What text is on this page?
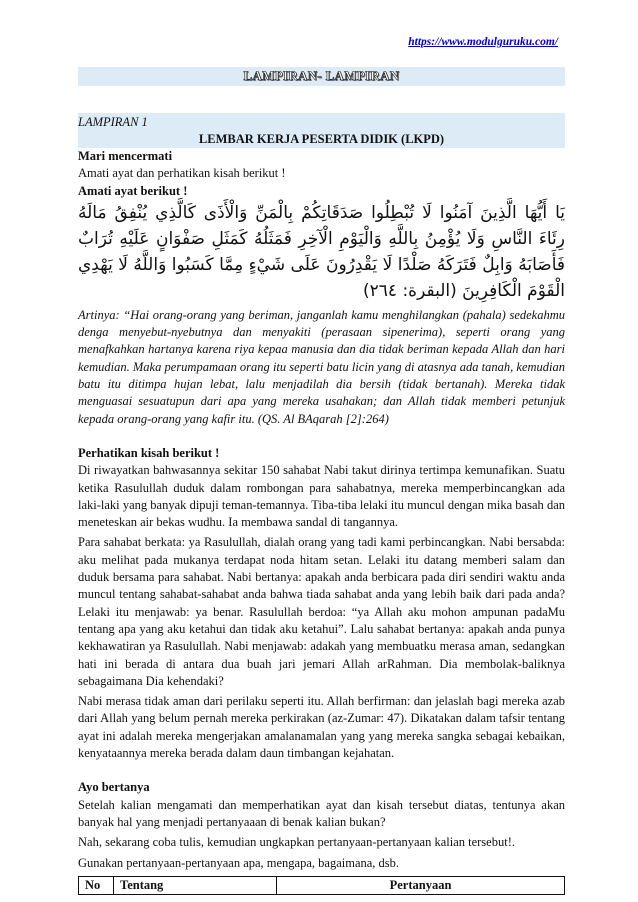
https://www.modulguruku.com/
LAMPIRAN- LAMPIRAN
LAMPIRAN 1
LEMBAR KERJA PESERTA DIDIK (LKPD)

Mari mencermati

Amati ayat dan perhatikan kisah berikut !

Amati ayat berikut !

يَا أَيُّهَا الَّذِينَ آمَنُوا لَا تُبْطِلُوا صَدَقَاتِكُمْ بِالْمَنِّ وَالْأَذَى كَالَّذِي يُنْفِقُ مَالَهُ رِئَاءَ النَّاسِ وَلَا يُؤْمِنُ بِاللَّهِ وَالْيَوْمِ الْآخِرِ فَمَثَلُهُ كَمَثَلِ صَفْوَانٍ عَلَيْهِ تُرَابٌ فَأَصَابَهُ وَابِلٌ فَتَرَكَهُ صَلْدًا لَا يَقْدِرُونَ عَلَى شَيْءٍ مِمَّا كَسَبُوا وَاللَّهُ لَا يَهْدِي الْقَوْمَ الْكَافِرِينَ (البقرة: ٢٦٤)

Artinya: “Hai orang-orang yang beriman, janganlah kamu menghilangkan (pahala) sedekahmu denga menyebut-nyebutnya dan menyakiti (perasaan sipenerima), seperti orang yang menafkahkan hartanya karena riya kepaa manusia dan dia tidak beriman kepada Allah dan hari kemudian. Maka perumpamaan orang itu seperti batu licin yang di atasnya ada tanah, kemudian batu itu ditimpa hujan lebat, lalu menjadilah dia bersih (tidak bertanah). Mereka tidak menguasai sesuatupun dari apa yang mereka usahakan; dan Allah tidak memberi petunjuk kepada orang-orang yang kafir itu. (QS. Al BAqarah [2]:264)

Perhatikan kisah berikut !

Di riwayatkan bahwasannya sekitar 150 sahabat Nabi takut dirinya tertimpa kemunafikan. Suatu ketika Rasulullah duduk dalam rombongan para sahabatnya, mereka memperbincangkan ada laki-laki yang banyak dipuji teman-temannya. Tiba-tiba lelaki itu muncul dengan mika basah dan meneteskan air bekas wudhu. Ia membawa sandal di tangannya.

Para sahabat berkata: ya Rasulullah, dialah orang yang tadi kami perbincangkan. Nabi bersabda: aku melihat pada mukanya terdapat noda hitam setan. Lelaki itu datang memberi salam dan duduk bersama para sahabat. Nabi bertanya: apakah anda berbicara pada diri sendiri waktu anda muncul tentang sahabat-sahabat anda bahwa tiada sahabat anda yang lebih baik dari pada anda? Lelaki itu menjawab: ya benar. Rasulullah berdoa: “ya Allah aku mohon ampunan padaMu tentang apa yang aku ketahui dan tidak aku ketahui”. Lalu sahabat bertanya: apakah anda punya kekhawatiran ya Rasulullah. Nabi menjawab: adakah yang membuatku merasa aman, sedangkan hati ini berada di antara dua buah jari jemari Allah arRahman. Dia membolak-baliknya sebagaimana Dia kehendaki?

Nabi merasa tidak aman dari perilaku seperti itu. Allah berfirman: dan jelaslah bagi mereka azab dari Allah yang belum pernah mereka perkirakan (az-Zumar: 47). Dikatakan dalam tafsir tentang ayat ini adalah mereka mengerjakan amalanamalan yang yang mereka sangka sebagai kebaikan, kenyataannya mereka berada dalam daun timbangan kejahatan.

Ayo bertanya

Setelah kalian mengamati dan memperhatikan ayat dan kisah tersebut diatas, tentunya akan banyak hal yang menjadi pertanyaaan di benak kalian bukan?

Nah, sekarang coba tulis, kemudian ungkapkan pertanyaan-pertanyaan kalian tersebut!.

Gunakan pertanyaan-pertanyaan apa, mengapa, bagaimana, dsb.

No	Tentang	Pertanyaan
